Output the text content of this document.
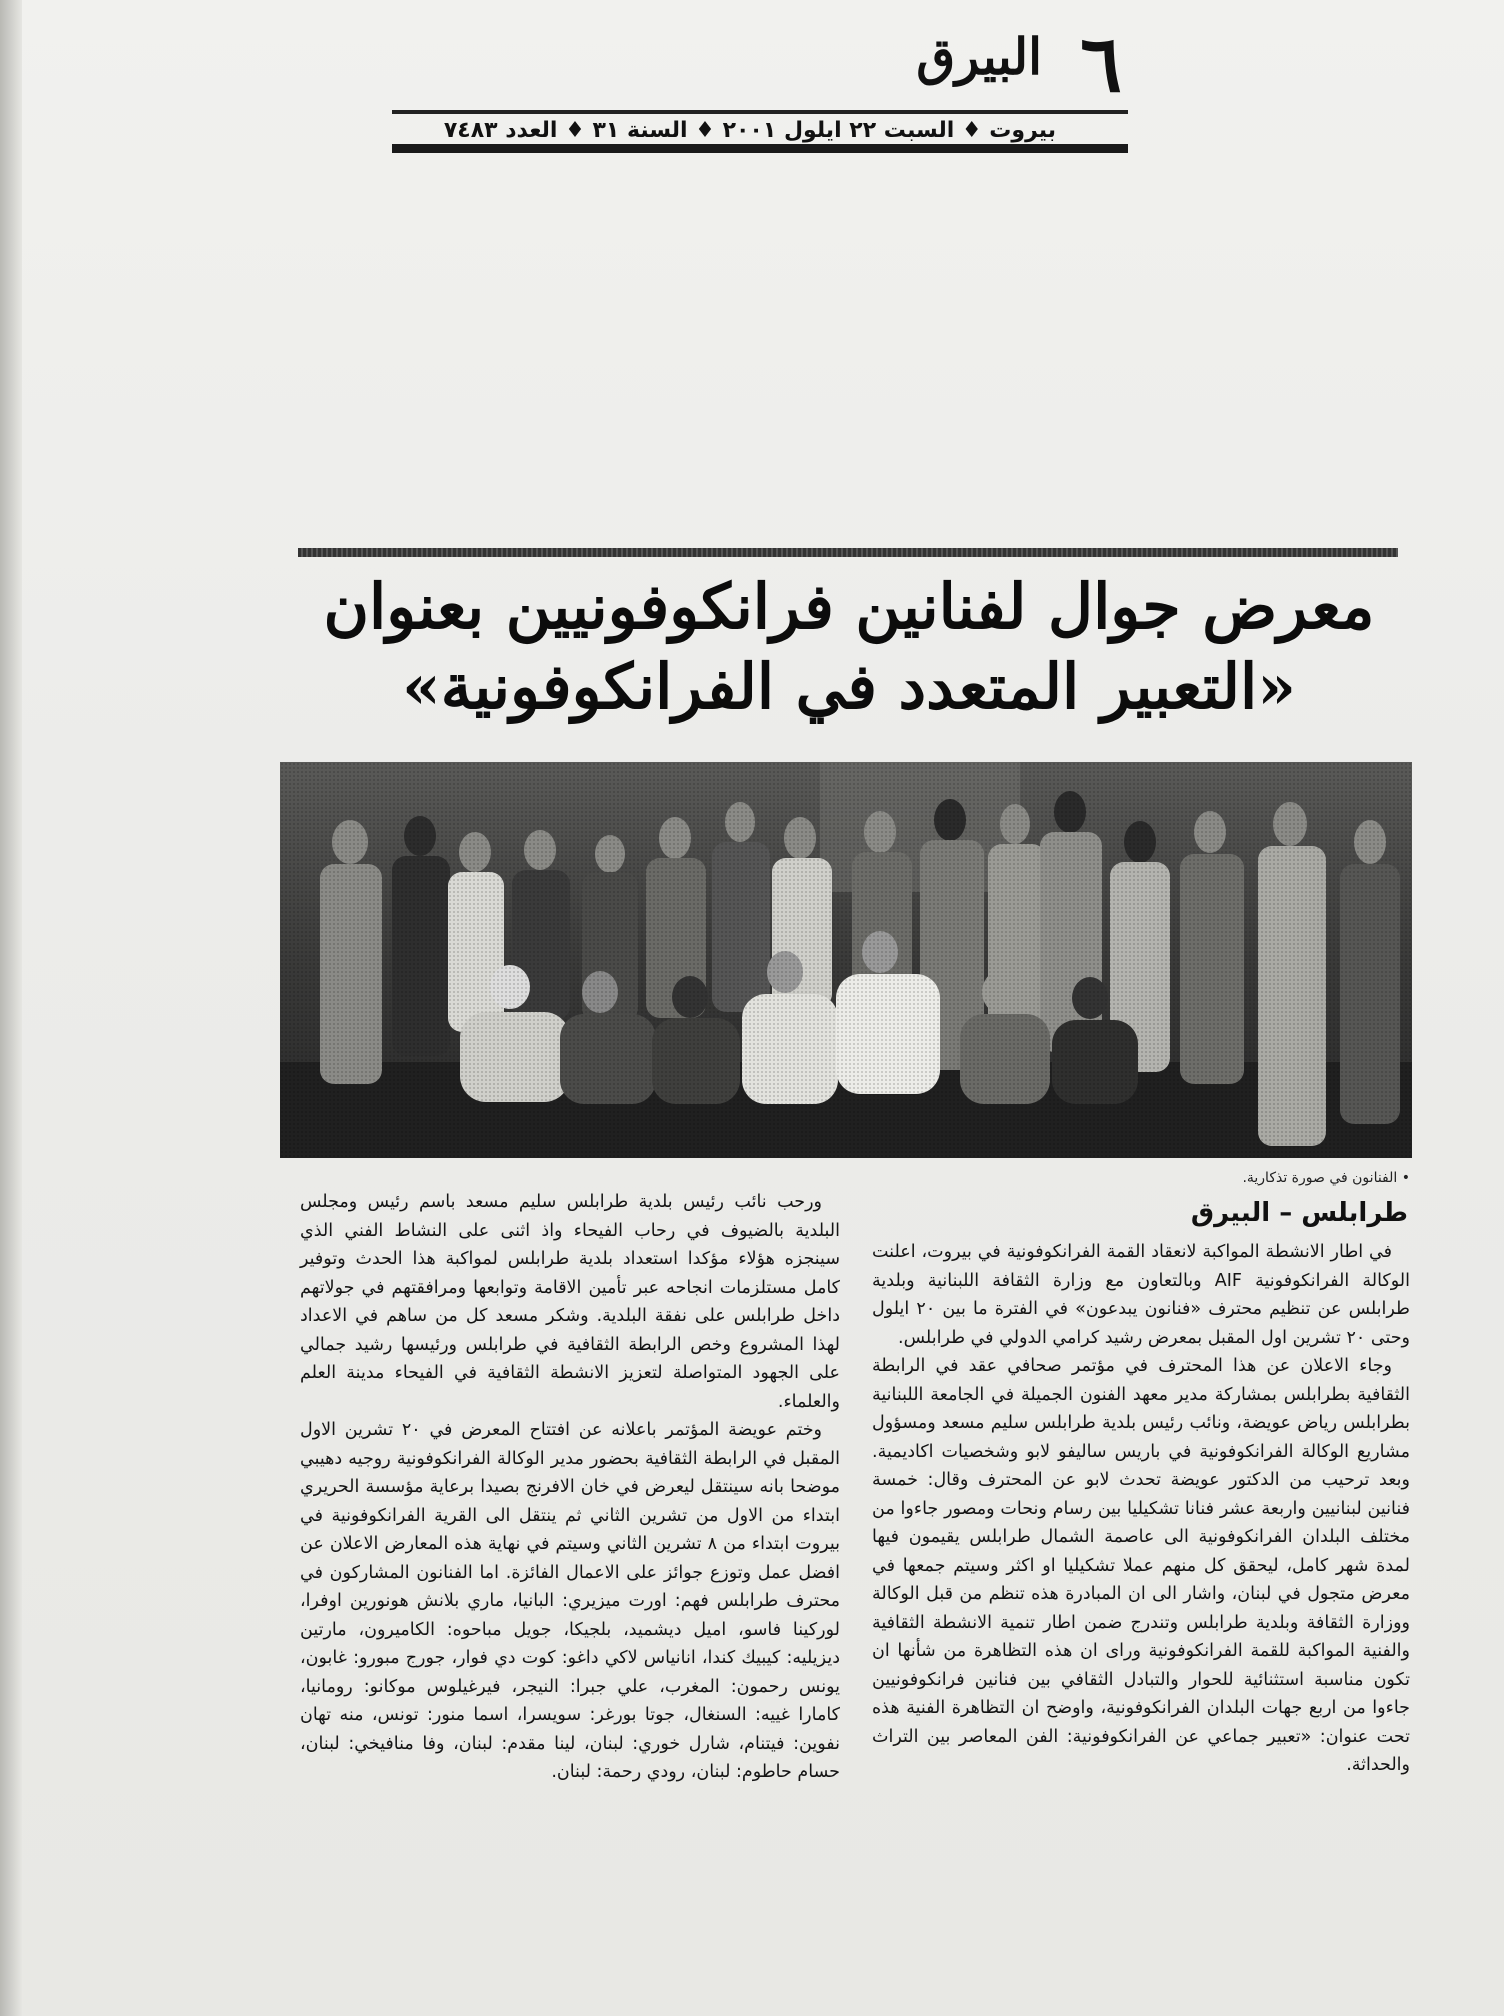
٦
البيرق
بيروت ♦ السبت ٢٢ ايلول ٢٠٠١ ♦ السنة ٣١ ♦ العدد ٧٤٨٣
معرض جوال لفنانين فرانكوفونيين بعنوان
«التعبير المتعدد في الفرانكوفونية»
• الفنانون في صورة تذكارية.
طرابلس – البيرق

في اطار الانشطة المواكبة لانعقاد القمة الفرانكوفونية في بيروت، اعلنت الوكالة الفرانكوفونية AIF وبالتعاون مع وزارة الثقافة اللبنانية وبلدية طرابلس عن تنظيم محترف «فنانون يبدعون» في الفترة ما بين ٢٠ ايلول وحتى ٢٠ تشرين اول المقبل بمعرض رشيد كرامي الدولي في طرابلس.

وجاء الاعلان عن هذا المحترف في مؤتمر صحافي عقد في الرابطة الثقافية بطرابلس بمشاركة مدير معهد الفنون الجميلة في الجامعة اللبنانية بطرابلس رياض عويضة، ونائب رئيس بلدية طرابلس سليم مسعد ومسؤول مشاريع الوكالة الفرانكوفونية في باريس ساليفو لابو وشخصيات اكاديمية. وبعد ترحيب من الدكتور عويضة تحدث لابو عن المحترف وقال: خمسة فنانين لبنانيين واربعة عشر فنانا تشكيليا بين رسام ونحات ومصور جاءوا من مختلف البلدان الفرانكوفونية الى عاصمة الشمال طرابلس يقيمون فيها لمدة شهر كامل، ليحقق كل منهم عملا تشكيليا او اكثر وسيتم جمعها في معرض متجول في لبنان، واشار الى ان المبادرة هذه تنظم من قبل الوكالة ووزارة الثقافة وبلدية طرابلس وتندرج ضمن اطار تنمية الانشطة الثقافية والفنية المواكبة للقمة الفرانكوفونية وراى ان هذه التظاهرة من شأنها ان تكون مناسبة استثنائية للحوار والتبادل الثقافي بين فنانين فرانكوفونيين جاءوا من اربع جهات البلدان الفرانكوفونية، واوضح ان التظاهرة الفنية هذه تحت عنوان: «تعبير جماعي عن الفرانكوفونية: الفن المعاصر بين التراث والحداثة.

ورحب نائب رئيس بلدية طرابلس سليم مسعد باسم رئيس ومجلس البلدية بالضيوف في رحاب الفيحاء واذ اثنى على النشاط الفني الذي سينجزه هؤلاء مؤكدا استعداد بلدية طرابلس لمواكبة هذا الحدث وتوفير كامل مستلزمات انجاحه عبر تأمين الاقامة وتوابعها ومرافقتهم في جولاتهم داخل طرابلس على نفقة البلدية. وشكر مسعد كل من ساهم في الاعداد لهذا المشروع وخص الرابطة الثقافية في طرابلس ورئيسها رشيد جمالي على الجهود المتواصلة لتعزيز الانشطة الثقافية في الفيحاء مدينة العلم والعلماء.

وختم عويضة المؤتمر باعلانه عن افتتاح المعرض في ٢٠ تشرين الاول المقبل في الرابطة الثقافية بحضور مدير الوكالة الفرانكوفونية روجيه دهيبي موضحا بانه سينتقل ليعرض في خان الافرنج بصيدا برعاية مؤسسة الحريري ابتداء من الاول من تشرين الثاني ثم ينتقل الى القرية الفرانكوفونية في بيروت ابتداء من ٨ تشرين الثاني وسيتم في نهاية هذه المعارض الاعلان عن افضل عمل وتوزع جوائز على الاعمال الفائزة. اما الفنانون المشاركون في محترف طرابلس فهم: اورت ميزيري: البانيا، ماري بلانش هونورين اوفرا، لوركينا فاسو، اميل ديشميد، بلجيكا، جويل مباحوه: الكاميرون، مارتين ديزيليه: كيبيك كندا، انانياس لاكي داغو: كوت دي فوار، جورج مبورو: غابون، يونس رحمون: المغرب، علي جبرا: النيجر، فيرغيلوس موكانو: رومانيا، كامارا غييه: السنغال، جوتا بورغر: سويسرا، اسما منور: تونس، منه تهان نفوين: فيتنام، شارل خوري: لبنان، لينا مقدم: لبنان، وفا منافيخي: لبنان، حسام حاطوم: لبنان، رودي رحمة: لبنان.
